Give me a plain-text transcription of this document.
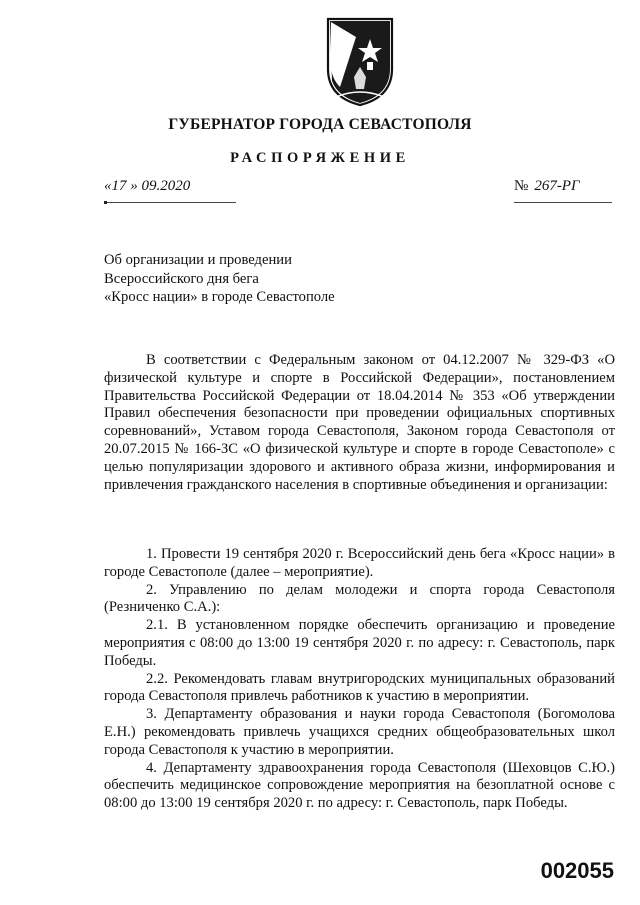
ГУБЕРНАТОР ГОРОДА СЕВАСТОПОЛЯ
РАСПОРЯЖЕНИЕ
«17 » 09.2020	№ 267-РГ
Об организации и проведении
Всероссийского дня бега
«Кросс нации» в городе Севастополе

В соответствии с Федеральным законом от 04.12.2007 № 329-ФЗ «О физической культуре и спорте в Российской Федерации», постановлением Правительства Российской Федерации от 18.04.2014 № 353 «Об утверждении Правил обеспечения безопасности при проведении официальных спортивных соревнований», Уставом города Севастополя, Законом города Севастополя от 20.07.2015 № 166-ЗС «О физической культуре и спорте в городе Севастополе» с целью популяризации здорового и активного образа жизни, информирования и привлечения гражданского населения в спортивные объединения и организации:

1. Провести 19 сентября 2020 г. Всероссийский день бега «Кросс нации» в городе Севастополе (далее – мероприятие).

2. Управлению по делам молодежи и спорта города Севастополя (Резниченко С.А.):

2.1. В установленном порядке обеспечить организацию и проведение мероприятия с 08:00 до 13:00 19 сентября 2020 г. по адресу: г. Севастополь, парк Победы.

2.2. Рекомендовать главам внутригородских муниципальных образований города Севастополя привлечь работников к участию в мероприятии.

3. Департаменту образования и науки города Севастополя (Богомолова Е.Н.) рекомендовать привлечь учащихся средних общеобразовательных школ города Севастополя к участию в мероприятии.

4. Департаменту здравоохранения города Севастополя (Шеховцов С.Ю.) обеспечить медицинское сопровождение мероприятия на безоплатной основе с 08:00 до 13:00 19 сентября 2020 г. по адресу: г. Севастополь, парк Победы.

002055
